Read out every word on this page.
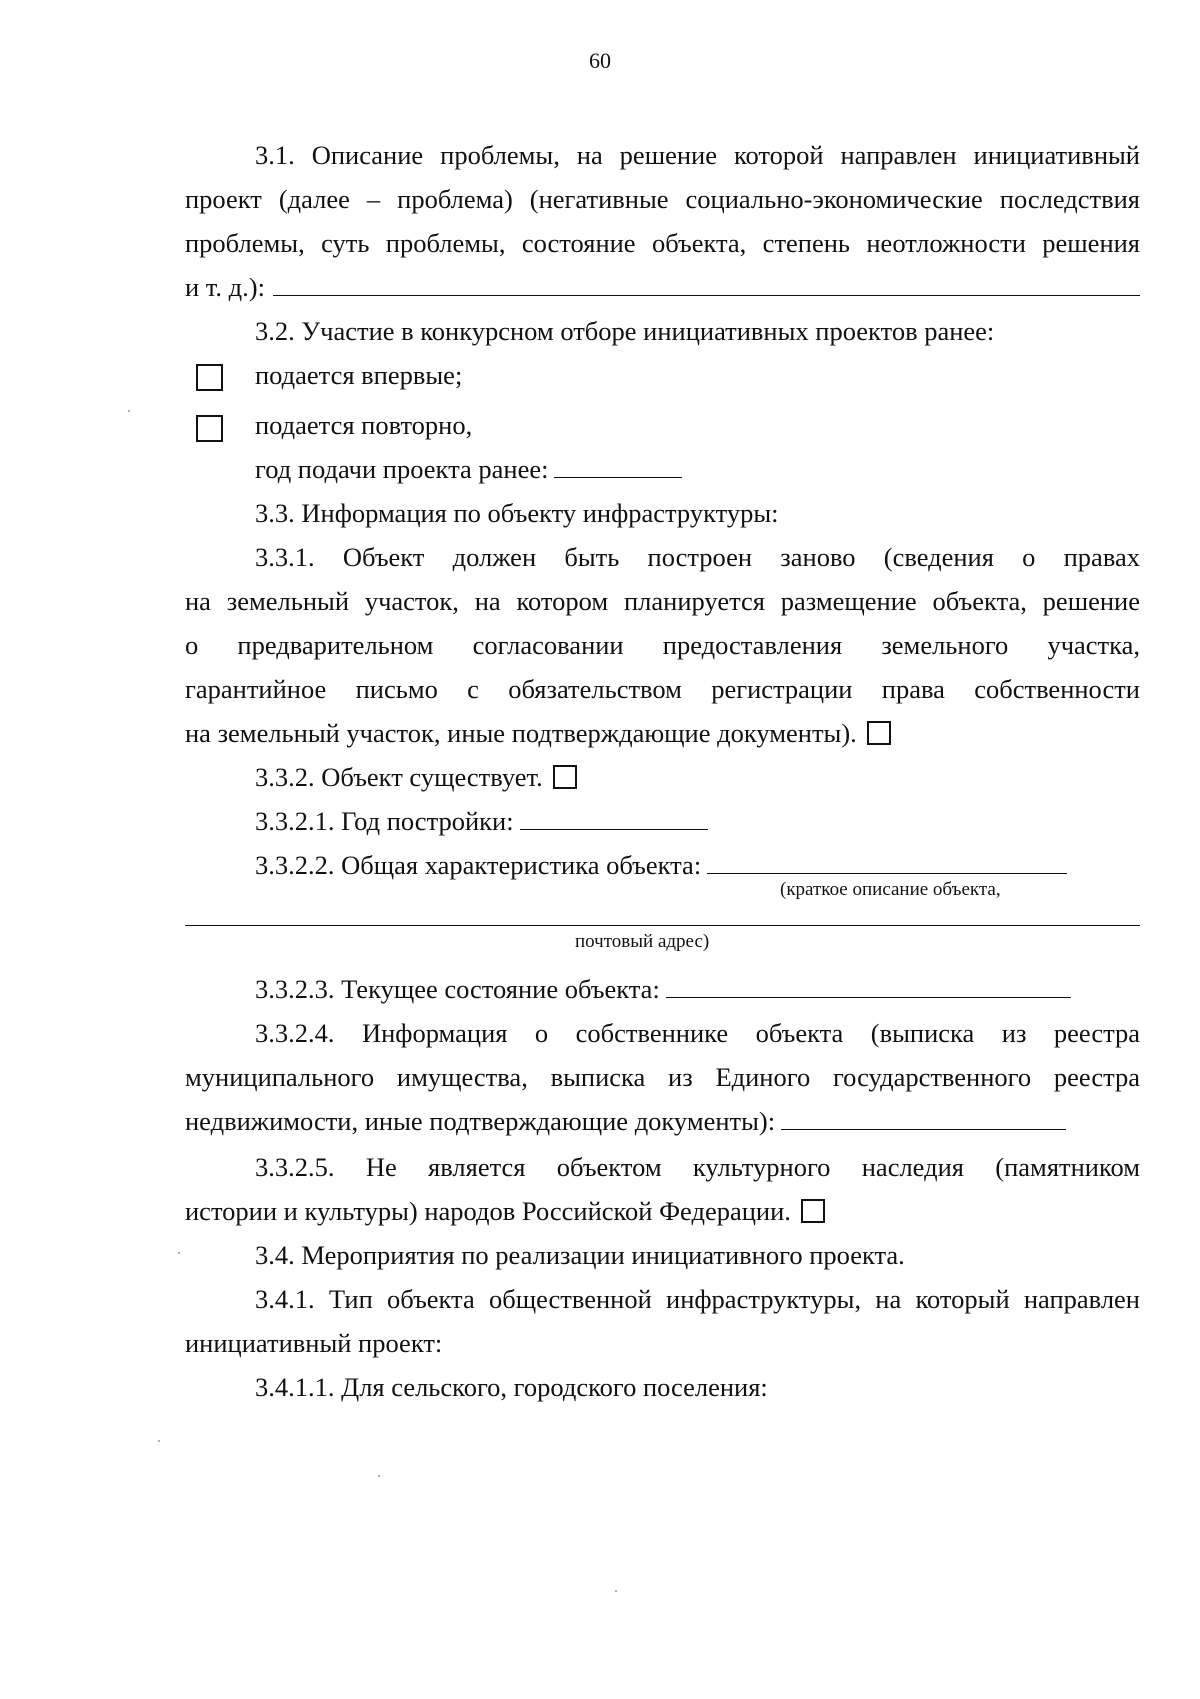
60
3.1. Описание проблемы, на решение которой направлен инициативный
проект (далее – проблема) (негативные социально-экономические последствия
проблемы, суть проблемы, состояние объекта, степень неотложности решения
и т. д.):
3.2. Участие в конкурсном отборе инициативных проектов ранее:
подается впервые;
подается повторно,
год подачи проекта ранее:
3.3. Информация по объекту инфраструктуры:
3.3.1. Объект должен быть построен заново (сведения о правах
на земельный участок, на котором планируется размещение объекта, решение
о предварительном согласовании предоставления земельного участка,
гарантийное письмо с обязательством регистрации права собственности
на земельный участок, иные подтверждающие документы).
3.3.2. Объект существует.
3.3.2.1. Год постройки:
3.3.2.2. Общая характеристика объекта:
(краткое описание объекта,
почтовый адрес)
3.3.2.3. Текущее состояние объекта:
3.3.2.4. Информация о собственнике объекта (выписка из реестра
муниципального имущества, выписка из Единого государственного реестра
недвижимости, иные подтверждающие документы):
3.3.2.5. Не является объектом культурного наследия (памятником
истории и культуры) народов Российской Федерации.
3.4. Мероприятия по реализации инициативного проекта.
3.4.1. Тип объекта общественной инфраструктуры, на который направлен
инициативный проект:
3.4.1.1. Для сельского, городского поселения:
